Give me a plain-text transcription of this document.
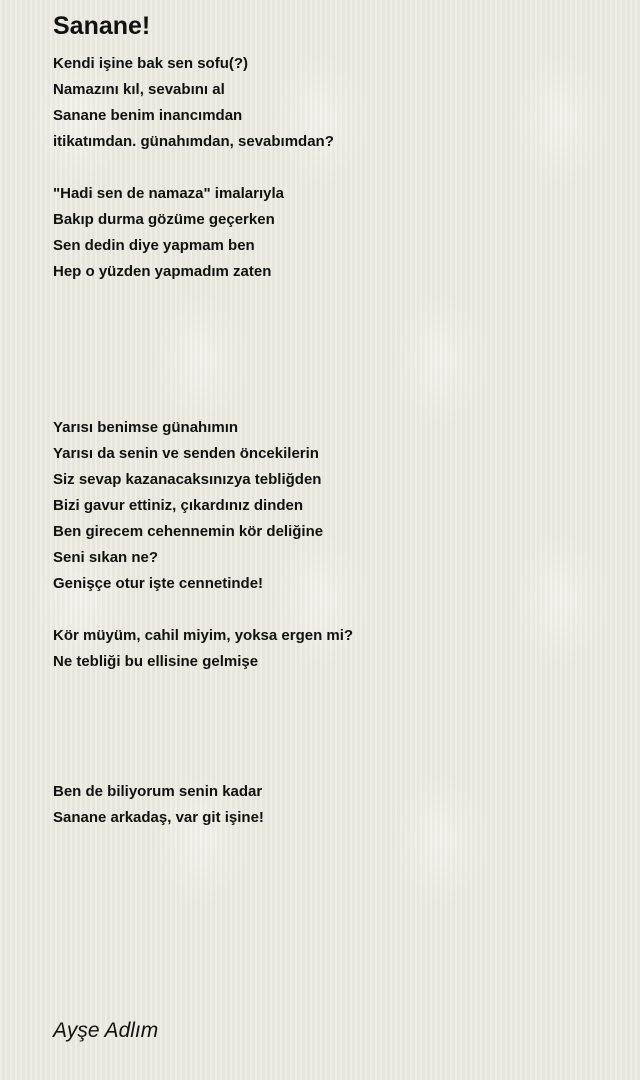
Sanane!
Kendi işine bak sen sofu(?)
Namazını kıl, sevabını al
Sanane benim inancımdan
itikatımdan. günahımdan, sevabımdan?
"Hadi sen de namaza" imalarıyla
Bakıp durma gözüme geçerken
Sen dedin diye yapmam ben
Hep o yüzden yapmadım zaten
Yarısı benimse günahımın
Yarısı da senin ve senden öncekilerin
Siz sevap kazanacaksınızya tebliğden
Bizi gavur ettiniz, çıkardınız dinden
Ben girecem cehennemin kör deliğine
Seni sıkan ne?
Genişçe otur işte cennetinde!
Kör müyüm, cahil miyim, yoksa ergen mi?
Ne tebliği bu ellisine gelmişe
Ben de biliyorum senin kadar
Sanane arkadaş, var git işine!
Ayşe Adlım
